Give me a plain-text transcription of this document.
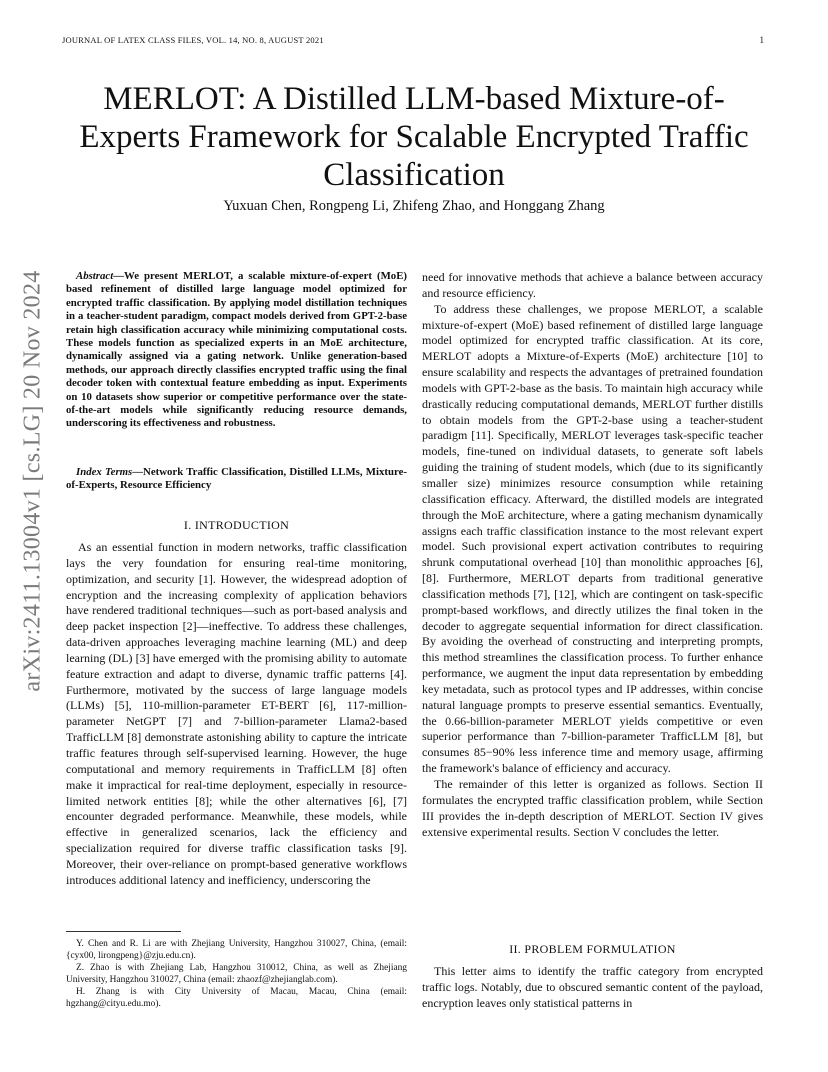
JOURNAL OF LATEX CLASS FILES, VOL. 14, NO. 8, AUGUST 2021	1
MERLOT: A Distilled LLM-based Mixture-of-Experts Framework for Scalable Encrypted Traffic Classification
Yuxuan Chen, Rongpeng Li, Zhifeng Zhao, and Honggang Zhang
arXiv:2411.13004v1 [cs.LG] 20 Nov 2024	Abstract—We present MERLOT, a scalable mixture-of-expert (MoE) based refinement of distilled large language model optimized for encrypted traffic classification. By applying model distillation techniques in a teacher-student paradigm, compact models derived from GPT-2-base retain high classification accuracy while minimizing computational costs. These models function as specialized experts in an MoE architecture, dynamically assigned via a gating network. Unlike generation-based methods, our approach directly classifies encrypted traffic using the final decoder token with contextual feature embedding as input. Experiments on 10 datasets show superior or competitive performance over the state-of-the-art models while significantly reducing resource demands, underscoring its effectiveness and robustness.
Index Terms—Network Traffic Classification, Distilled LLMs, Mixture-of-Experts, Resource Efficiency
I. INTRODUCTION

As an essential function in modern networks, traffic classification lays the very foundation for ensuring real-time monitoring, optimization, and security [1]. However, the widespread adoption of encryption and the increasing complexity of application behaviors have rendered traditional techniques—such as port-based analysis and deep packet inspection [2]—ineffective. To address these challenges, data-driven approaches leveraging machine learning (ML) and deep learning (DL) [3] have emerged with the promising ability to automate feature extraction and adapt to diverse, dynamic traffic patterns [4]. Furthermore, motivated by the success of large language models (LLMs) [5], 110-million-parameter ET-BERT [6], 117-million-parameter NetGPT [7] and 7-billion-parameter Llama2-based TrafficLLM [8] demonstrate astonishing ability to capture the intricate traffic features through self-supervised learning. However, the huge computational and memory requirements in TrafficLLM [8] often make it impractical for real-time deployment, especially in resource-limited network entities [8]; while the other alternatives [6], [7] encounter degraded performance. Meanwhile, these models, while effective in generalized scenarios, lack the efficiency and specialization required for diverse traffic classification tasks [9]. Moreover, their over-reliance on prompt-based generative workflows introduces additional latency and inefficiency, underscoring the

need for innovative methods that achieve a balance between accuracy and resource efficiency.

To address these challenges, we propose MERLOT, a scalable mixture-of-expert (MoE) based refinement of distilled large language model optimized for encrypted traffic classification. At its core, MERLOT adopts a Mixture-of-Experts (MoE) architecture [10] to ensure scalability and respects the advantages of pretrained foundation models with GPT-2-base as the basis. To maintain high accuracy while drastically reducing computational demands, MERLOT further distills to obtain models from the GPT-2-base using a teacher-student paradigm [11]. Specifically, MERLOT leverages task-specific teacher models, fine-tuned on individual datasets, to generate soft labels guiding the training of student models, which (due to its significantly smaller size) minimizes resource consumption while retaining classification efficacy. Afterward, the distilled models are integrated through the MoE architecture, where a gating mechanism dynamically assigns each traffic classification instance to the most relevant expert model. Such provisional expert activation contributes to requiring shrunk computational overhead [10] than monolithic approaches [6], [8]. Furthermore, MERLOT departs from traditional generative classification methods [7], [12], which are contingent on task-specific prompt-based workflows, and directly utilizes the final token in the decoder to aggregate sequential information for direct classification. By avoiding the overhead of constructing and interpreting prompts, this method streamlines the classification process. To further enhance performance, we augment the input data representation by embedding key metadata, such as protocol types and IP addresses, within concise natural language prompts to preserve essential semantics. Eventually, the 0.66-billion-parameter MERLOT yields competitive or even superior performance than 7-billion-parameter TrafficLLM [8], but consumes 85−90% less inference time and memory usage, affirming the framework's balance of efficiency and accuracy.

The remainder of this letter is organized as follows. Section II formulates the encrypted traffic classification problem, while Section III provides the in-depth description of MERLOT. Section IV gives extensive experimental results. Section V concludes the letter.

II. PROBLEM FORMULATION

This letter aims to identify the traffic category from encrypted traffic logs. Notably, due to obscured semantic content of the payload, encryption leaves only statistical patterns in

Y. Chen and R. Li are with Zhejiang University, Hangzhou 310027, China, (email: {cyx00, lirongpeng}@zju.edu.cn).

Z. Zhao is with Zhejiang Lab, Hangzhou 310012, China, as well as Zhejiang University, Hangzhou 310027, China (email: zhaozf@zhejianglab.com).

H. Zhang is with City University of Macau, Macau, China (email: hgzhang@cityu.edu.mo).
